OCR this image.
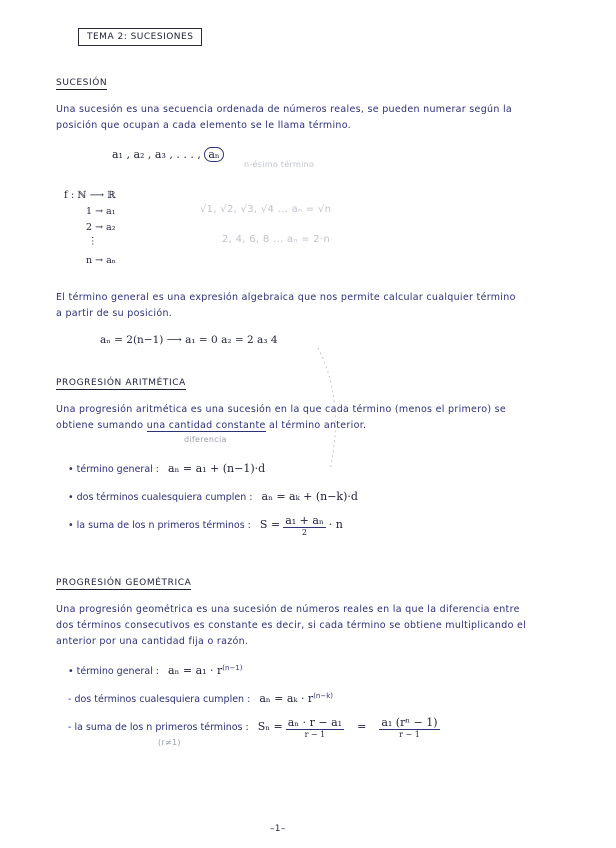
TEMA 2: SUCESIONES
SUCESIÓN
Una sucesión es una secuencia ordenada de números reales, se pueden numerar según la
posición que ocupan a cada elemento se le llama término.
a₁ , a₂ , a₃ , . . . , aₙ
n-ésimo término
f : ℕ ⟶ ℝ
1 → a₁
2 → a₂
⋮
n → aₙ
√1, √2, √3, √4 ... aₙ = √n
2, 4, 6, 8 ... aₙ = 2·n
El término general es una expresión algebraica que nos permite calcular cualquier término
a partir de su posición.
aₙ = 2(n−1) ⟶ a₁ = 0 a₂ = 2 a₃ 4
PROGRESIÓN ARITMÉTICA
Una progresión aritmética es una sucesión en la que cada término (menos el primero) se
obtiene sumando una cantidad constante al término anterior.
diferencia
• término general : aₙ = a₁ + (n−1)·d
• dos términos cualesquiera cumplen : aₙ = aₖ + (n−k)·d
• la suma de los n primeros términos : $S = \frac{\text{a₁ + aₙ}}{2} \cdot n$
PROGRESIÓN GEOMÉTRICA
Una progresión geométrica es una sucesión de números reales en la que la diferencia entre
dos términos consecutivos es constante es decir, si cada término se obtiene multiplicando el
anterior por una cantidad fija o razón.
• término general : $a_n = a_1 \cdot r^{(n-1)}$
- dos términos cualesquiera cumplen : $a_n = a_k \cdot r^{(n-k)}$
- la suma de los n primeros términos : $S_n = \frac{\text{aₙ · r − a₁}}{r - 1} = \frac{\text{a₁ (rⁿ − 1)}}{r - 1}$
(r≠1)
–1–
